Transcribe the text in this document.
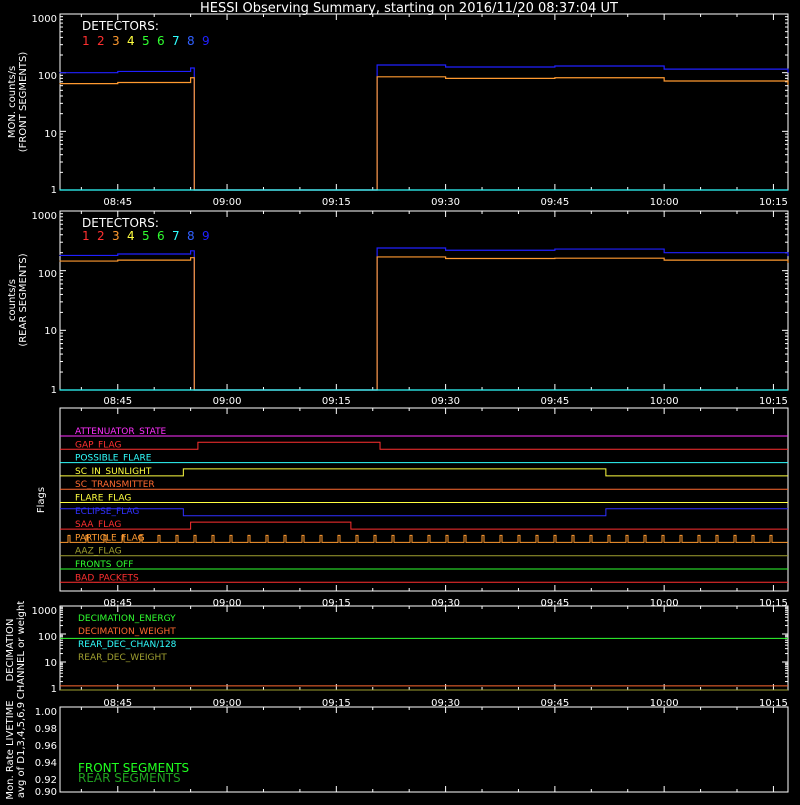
HESSI Observing Summary, starting on 2016/11/20 08:37:04 UT
1000
100
10
1
MON. counts/s (FRONT SEGMENTS)
1000
100
10
1
counts/s (REAR SEGMENTS)
Flags
1000
100
10
1
DECIMATION CHANNEL or weight
1.00
0.98
0.96
0.94
0.92
0.90
Mon. Rate LIVETIME avg of D1,3,4,5,6,9
DETECTORS:
DETECTORS:
1 2 3 4 5 6 7 8 9
1 2 3 4 5 6 7 8 9
08:45	09:00	09:15	09:30	09:45	10:00	10:15
08:45	09:00	09:15	09:30	09:45	10:00	10:15
08:45	09:00	09:15	09:30	09:45	10:00	10:15
08:45	09:00	09:15	09:30	09:45	10:00	10:15
ATTENUATOR_STATE
GAP_FLAG
POSSIBLE_FLARE
SC_IN_SUNLIGHT
SC_TRANSMITTER
FLARE_FLAG
ECLIPSE_FLAG
SAA_FLAG
PARTICLE_FLAG
AAZ_FLAG
FRONTS_OFF
BAD_PACKETS
DECIMATION_ENERGY
DECIMATION_WEIGHT
REAR_DEC_CHAN/128
REAR_DEC_WEIGHT
FRONT SEGMENTS
REAR SEGMENTS
